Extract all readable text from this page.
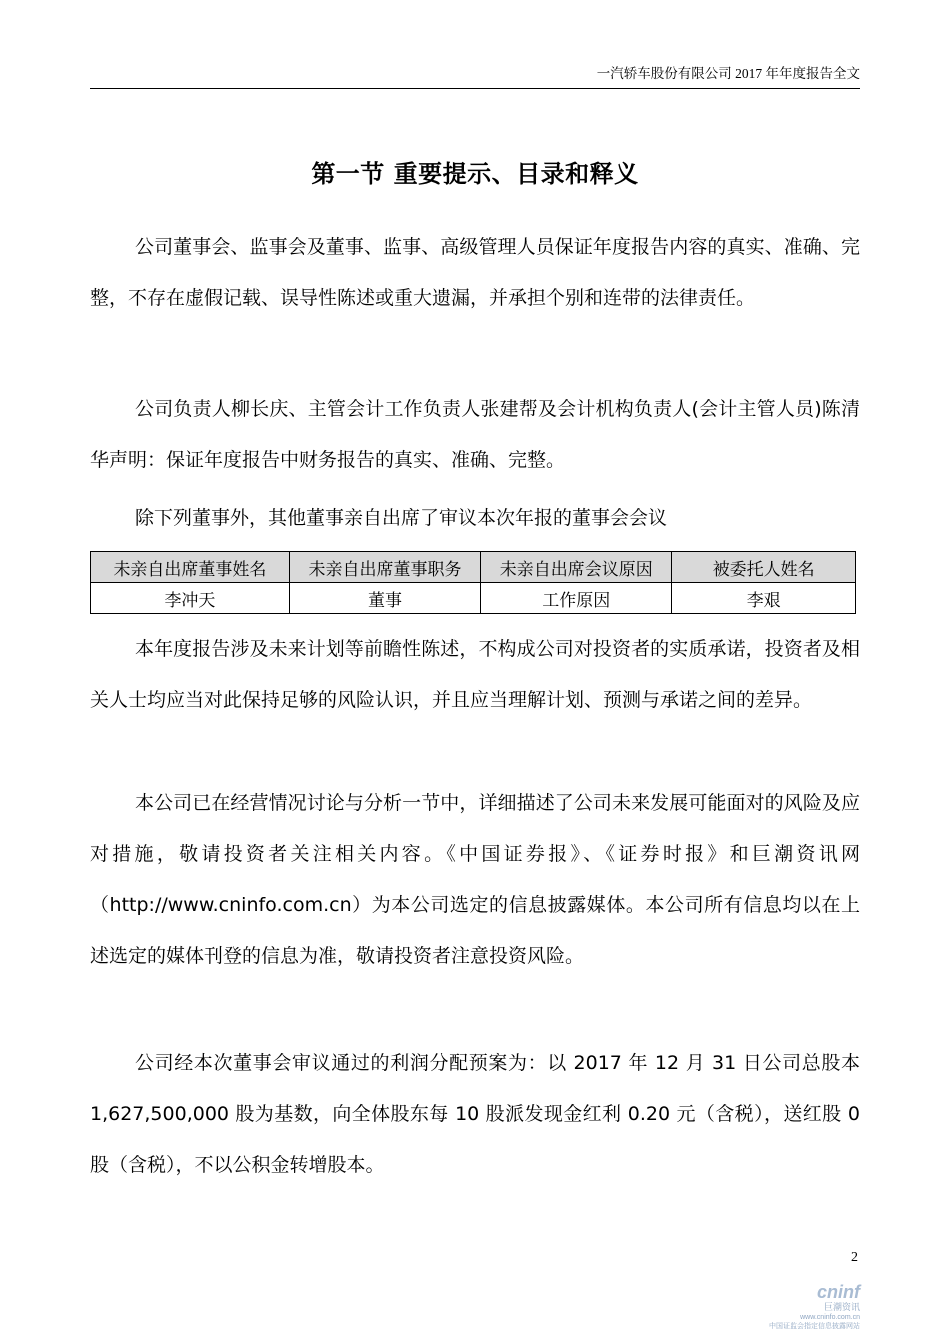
一汽轿车股份有限公司 2017 年年度报告全文
第一节 重要提示、目录和释义
公司董事会、监事会及董事、监事、高级管理人员保证年度报告内容的真实、准确、完整，不存在虚假记载、误导性陈述或重大遗漏，并承担个别和连带的法律责任。
公司负责人柳长庆、主管会计工作负责人张建帮及会计机构负责人(会计主管人员)陈清华声明：保证年度报告中财务报告的真实、准确、完整。
除下列董事外，其他董事亲自出席了审议本次年报的董事会会议
未亲自出席董事姓名	未亲自出席董事职务	未亲自出席会议原因	被委托人姓名
李冲天	董事	工作原因	李艰
本年度报告涉及未来计划等前瞻性陈述，不构成公司对投资者的实质承诺，投资者及相关人士均应当对此保持足够的风险认识，并且应当理解计划、预测与承诺之间的差异。
本公司已在经营情况讨论与分析一节中，详细描述了公司未来发展可能面对的风险及应对措施，敬请投资者关注相关内容。《中国证券报》、《证券时报》和巨潮资讯网（http://www.cninfo.com.cn）为本公司选定的信息披露媒体。本公司所有信息均以在上述选定的媒体刊登的信息为准，敬请投资者注意投资风险。
公司经本次董事会审议通过的利润分配预案为：以 2017 年 12 月 31 日公司总股本 1,627,500,000 股为基数，向全体股东每 10 股派发现金红利 0.20 元（含税），送红股 0 股（含税），不以公积金转增股本。
2
cninf
巨潮资讯
www.cninfo.com.cn
中国证监会指定信息披露网站
